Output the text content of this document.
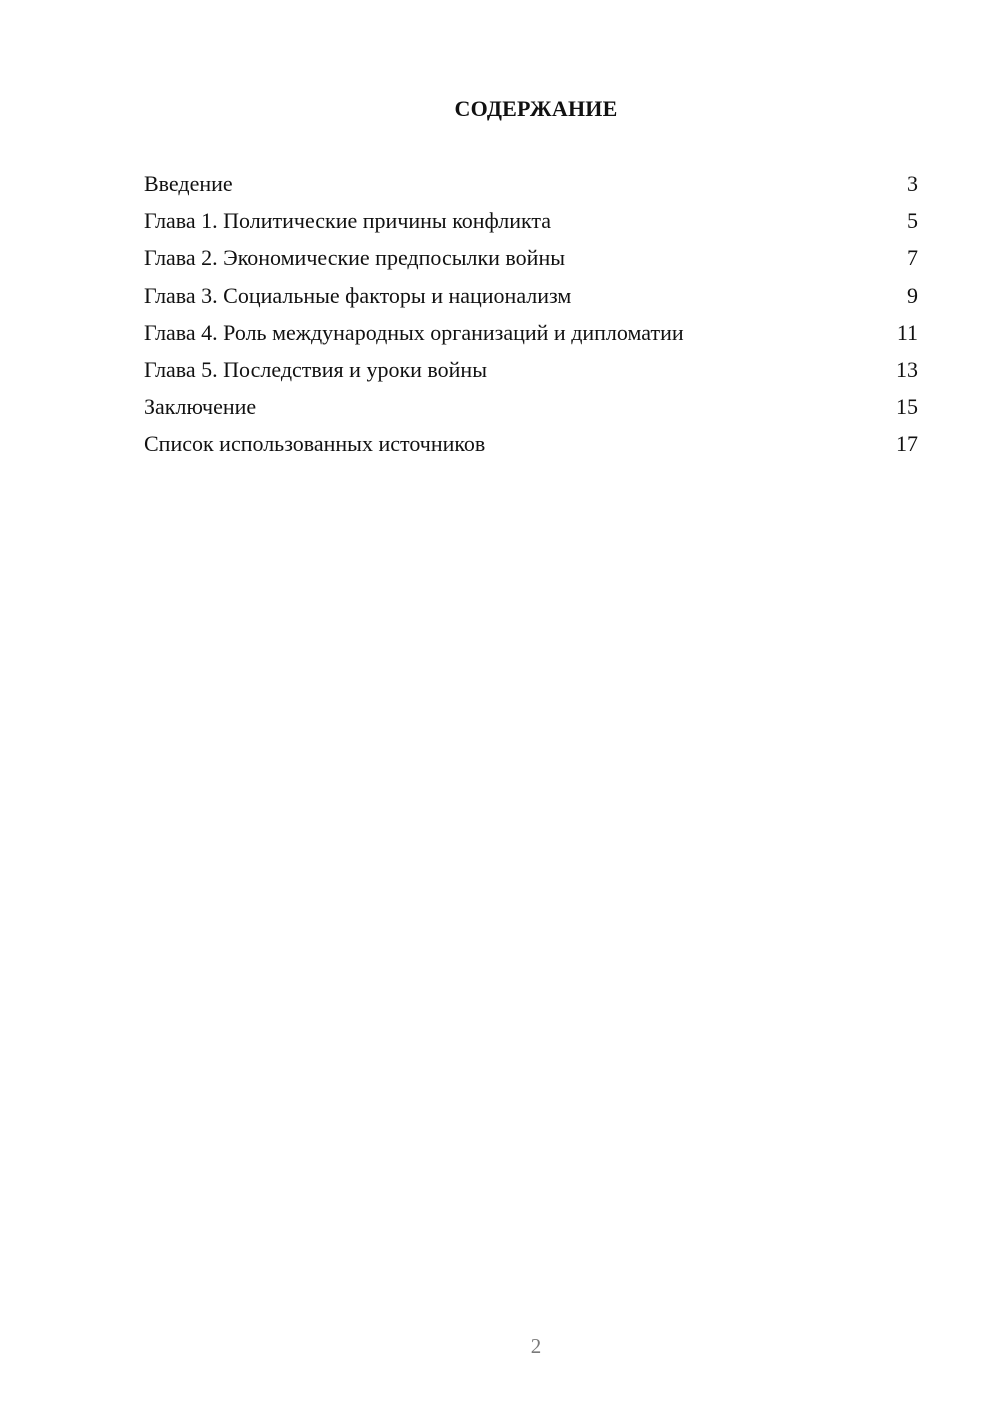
СОДЕРЖАНИЕ
Введение	3
Глава 1. Политические причины конфликта	5
Глава 2. Экономические предпосылки войны	7
Глава 3. Социальные факторы и национализм	9
Глава 4. Роль международных организаций и дипломатии	11
Глава 5. Последствия и уроки войны	13
Заключение	15
Список использованных источников	17
2
